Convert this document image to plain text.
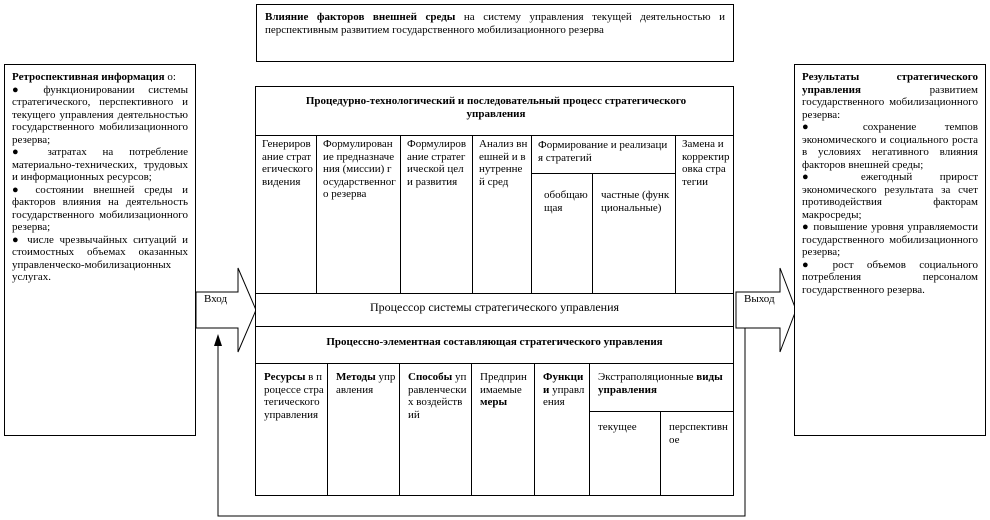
Влияние факторов внешней среды на систему управления текущей деятельностью и перспективным развитием государственного мобилизационного резерва
Ретроспективная информация о:
● функционировании системы стратегического, перспективного и текущего управления деятельностью государственного мобилизационного резерва;
● затратах на потребление материально-технических, трудовых и информационных ресурсов;
● состоянии внешней среды и факторов влияния на деятельность государственного мобилизационного резерва;
● числе чрезвычайных ситуаций и стоимостных объемах оказанных управленческо-мобилизационных услугах.
Результаты стратегического управления развитием государственного мобилизационного резерва:
●	сохранение темпов экономического и социального роста в условиях негативного влияния факторов внешней среды;
● ежегодный прирост экономического результата за счет противодействия факторам макросреды;
● повышение уровня управляемости государственного мобилизационного резерва;
● рост объемов социального потребления персоналом государственного резерва.
Вход	Выход
Процедурно-технологический и последовательный процесс стратегического управления
Генерирование стратегического видения
Формулирование предназначения (миссии) государственного резерва
Формулирование стратегической цели развития
Анализ внешней и внутренней сред
Формирование и реализация стратегий
обобщающая
частные (функциональные)
Замена и корректировка стратегии
Процессор системы стратегического управления
Процессно-элементная составляющая стратегического управления
Ресурсы в процессе стратегического управления
Методы управления
Способы управленческих воздействий
Предпринимаемые меры
Функции управления
Экстраполяционные виды управления
текущее	перспективное
